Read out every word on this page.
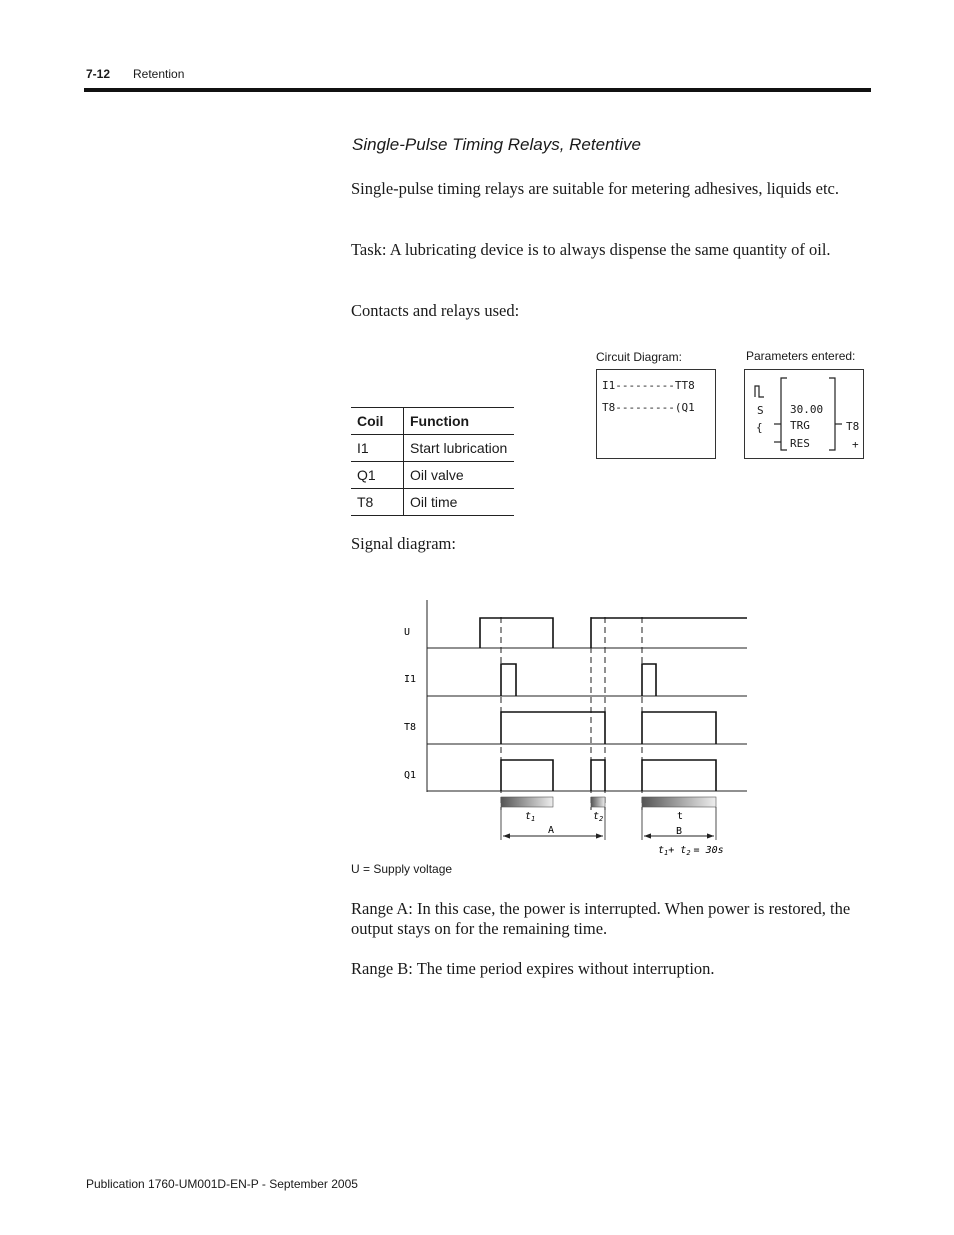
7-12 Retention
Single-Pulse Timing Relays, Retentive
Single-pulse timing relays are suitable for metering adhesives, liquids etc.
Task: A lubricating device is to always dispense the same quantity of oil.
Contacts and relays used:
Coil	Function
I1	Start lubrication
Q1	Oil valve
T8	Oil time
Circuit Diagram:
I1---------TT8
T8---------(Q1
Parameters entered:
S
{
30.00
TRG
RES
T8
+
Signal diagram:
U
I1
T8
Q1
$t_1$	$t_2$	t
A	B
$t_1+ t_2 = 30s$
U = Supply voltage
Range A: In this case, the power is interrupted. When power is restored, the output stays on for the remaining time.
Range B: The time period expires without interruption.
Publication 1760-UM001D-EN-P - September 2005
